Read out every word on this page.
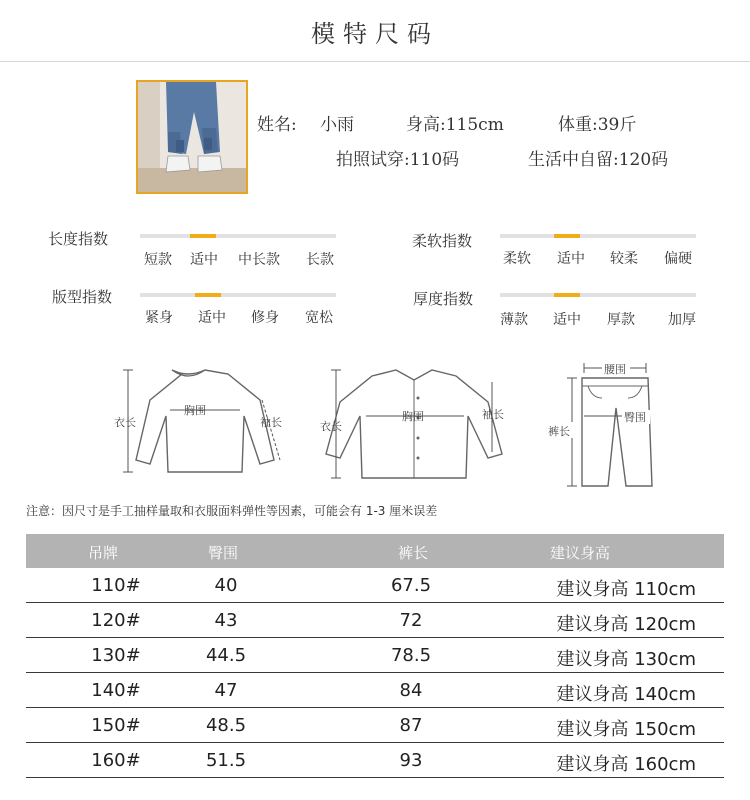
模特尺码
姓名: 小雨	身高:115cm	体重:39斤
拍照试穿:110码	生活中自留:120码
长度指数
短款 适中 中长款 长款
柔软指数
柔软 适中 较柔 偏硬
版型指数
紧身 适中 修身 宽松
厚度指数
薄款 适中 厚款 加厚
衣长
胸围
袖长	衣长
胸围	袖长
腰围
裤长
臀围
注意：因尺寸是手工抽样量取和衣服面料弹性等因素，可能会有 1-3 厘米误差
吊牌	臀围	裤长	建议身高
110#	40	67.5	建议身高 110cm
120#	43	72	建议身高 120cm
130#	44.5	78.5	建议身高 130cm
140#	47	84	建议身高 140cm
150#	48.5	87	建议身高 150cm
160#	51.5	93	建议身高 160cm
